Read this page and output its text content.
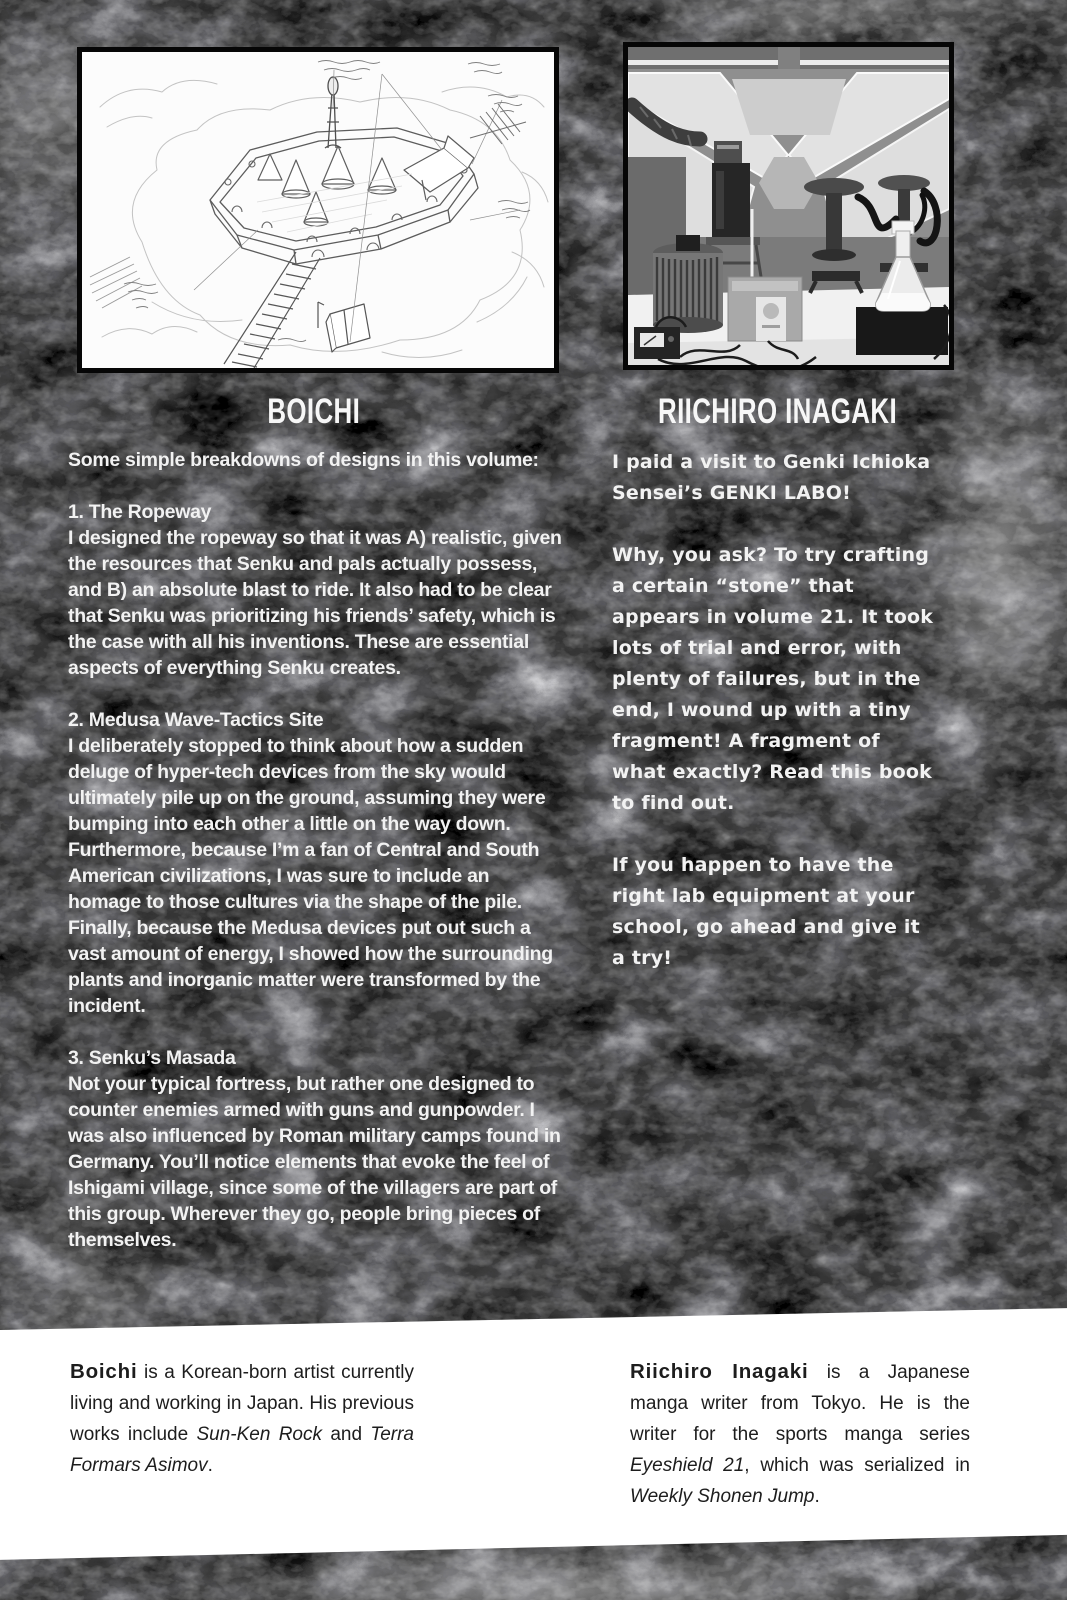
BOICHI	RIICHIRO INAGAKI

Some simple breakdowns of designs in this volume:

1. The Ropeway

I designed the ropeway so that it was A) realistic, given the resources that Senku and pals actually possess, and B) an absolute blast to ride. It also had to be clear that Senku was prioritizing his friends’ safety, which is the case with all his inventions. These are essential aspects of everything Senku creates.

2. Medusa Wave-Tactics Site

I deliberately stopped to think about how a sudden deluge of hyper-tech devices from the sky would ultimately pile up on the ground, assuming they were bumping into each other a little on the way down. Furthermore, because I’m a fan of Central and South American civilizations, I was sure to include an homage to those cultures via the shape of the pile. Finally, because the Medusa devices put out such a vast amount of energy, I showed how the surrounding plants and inorganic matter were transformed by the incident.

3. Senku’s Masada

Not your typical fortress, but rather one designed to counter enemies armed with guns and gunpowder. I was also influenced by Roman military camps found in Germany. You’ll notice elements that evoke the feel of Ishigami village, since some of the villagers are part of this group. Wherever they go, people bring pieces of themselves.

I paid a visit to Genki Ichioka Sensei’s GENKI LABO!

Why, you ask? To try crafting a certain “stone” that appears in volume 21. It took lots of trial and error, with plenty of failures, but in the end, I wound up with a tiny fragment! A fragment of what exactly? Read this book to find out.

If you happen to have the right lab equipment at your school, go ahead and give it a try!

Boichi is a Korean-born artist currently living and working in Japan. His previous works include Sun-Ken Rock and Terra Formars Asimov.
Riichiro Inagaki is a Japanese manga writer from Tokyo. He is the writer for the sports manga series Eyeshield 21, which was serialized in Weekly Shonen Jump.
